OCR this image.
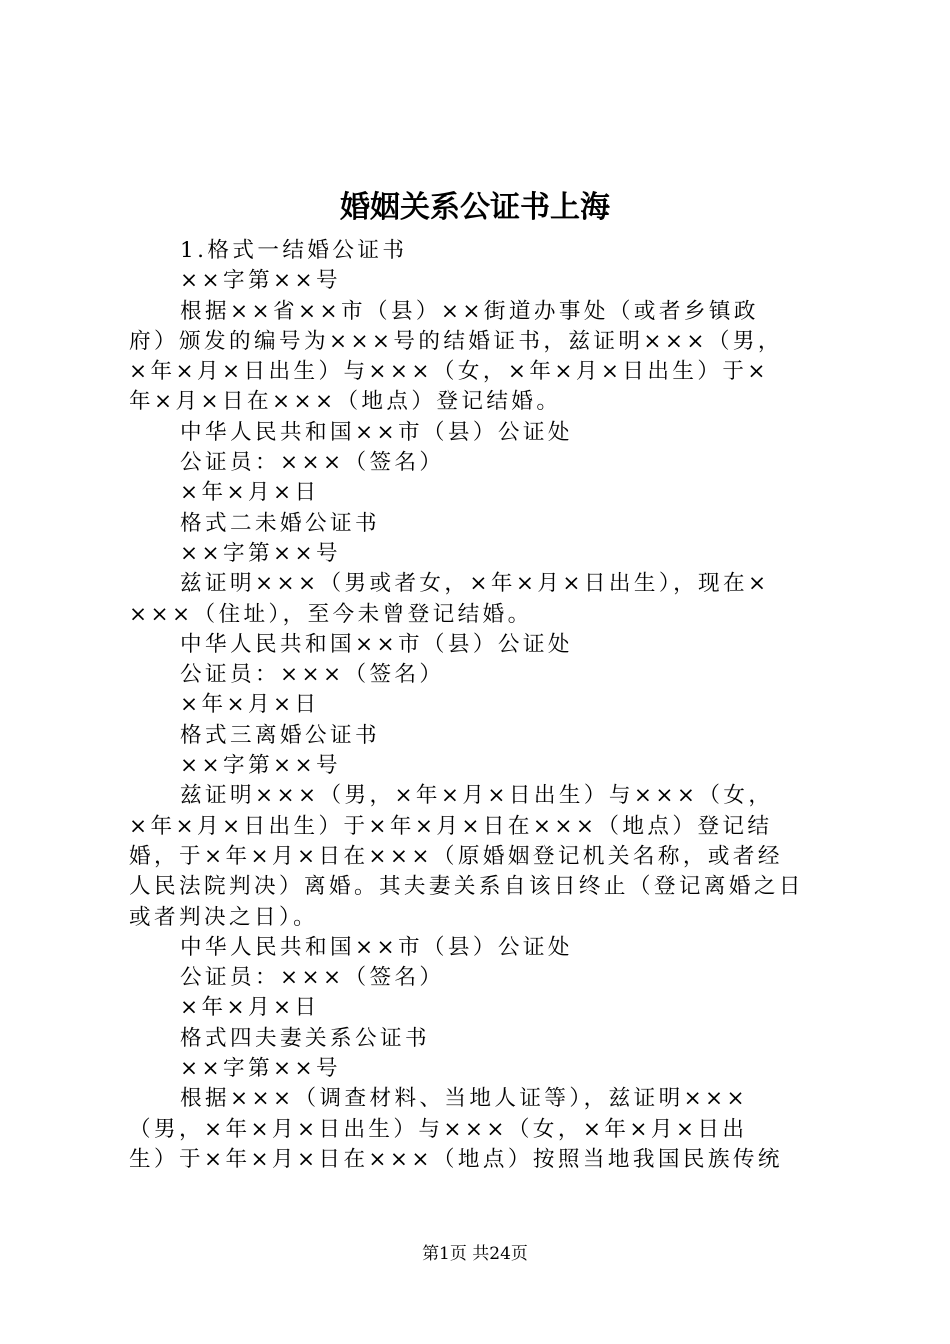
婚姻关系公证书上海
1.格式一结婚公证书
××字第××号
根据××省××市（县）××街道办事处（或者乡镇政
府）颁发的编号为×××号的结婚证书，兹证明×××（男，
×年×月×日出生）与×××（女，×年×月×日出生）于×
年×月×日在×××（地点）登记结婚。
中华人民共和国××市（县）公证处
公证员：×××（签名）
×年×月×日
格式二未婚公证书
××字第××号
兹证明×××（男或者女，×年×月×日出生），现在×
×××（住址），至今未曾登记结婚。
中华人民共和国××市（县）公证处
公证员：×××（签名）
×年×月×日
格式三离婚公证书
××字第××号
兹证明×××（男，×年×月×日出生）与×××（女，
×年×月×日出生）于×年×月×日在×××（地点）登记结
婚，于×年×月×日在×××（原婚姻登记机关名称，或者经
人民法院判决）离婚。其夫妻关系自该日终止（登记离婚之日
或者判决之日）。
中华人民共和国××市（县）公证处
公证员：×××（签名）
×年×月×日
格式四夫妻关系公证书
××字第××号
根据×××（调查材料、当地人证等），兹证明×××
（男，×年×月×日出生）与×××（女，×年×月×日出
生）于×年×月×日在×××（地点）按照当地我国民族传统
第1页 共24页
